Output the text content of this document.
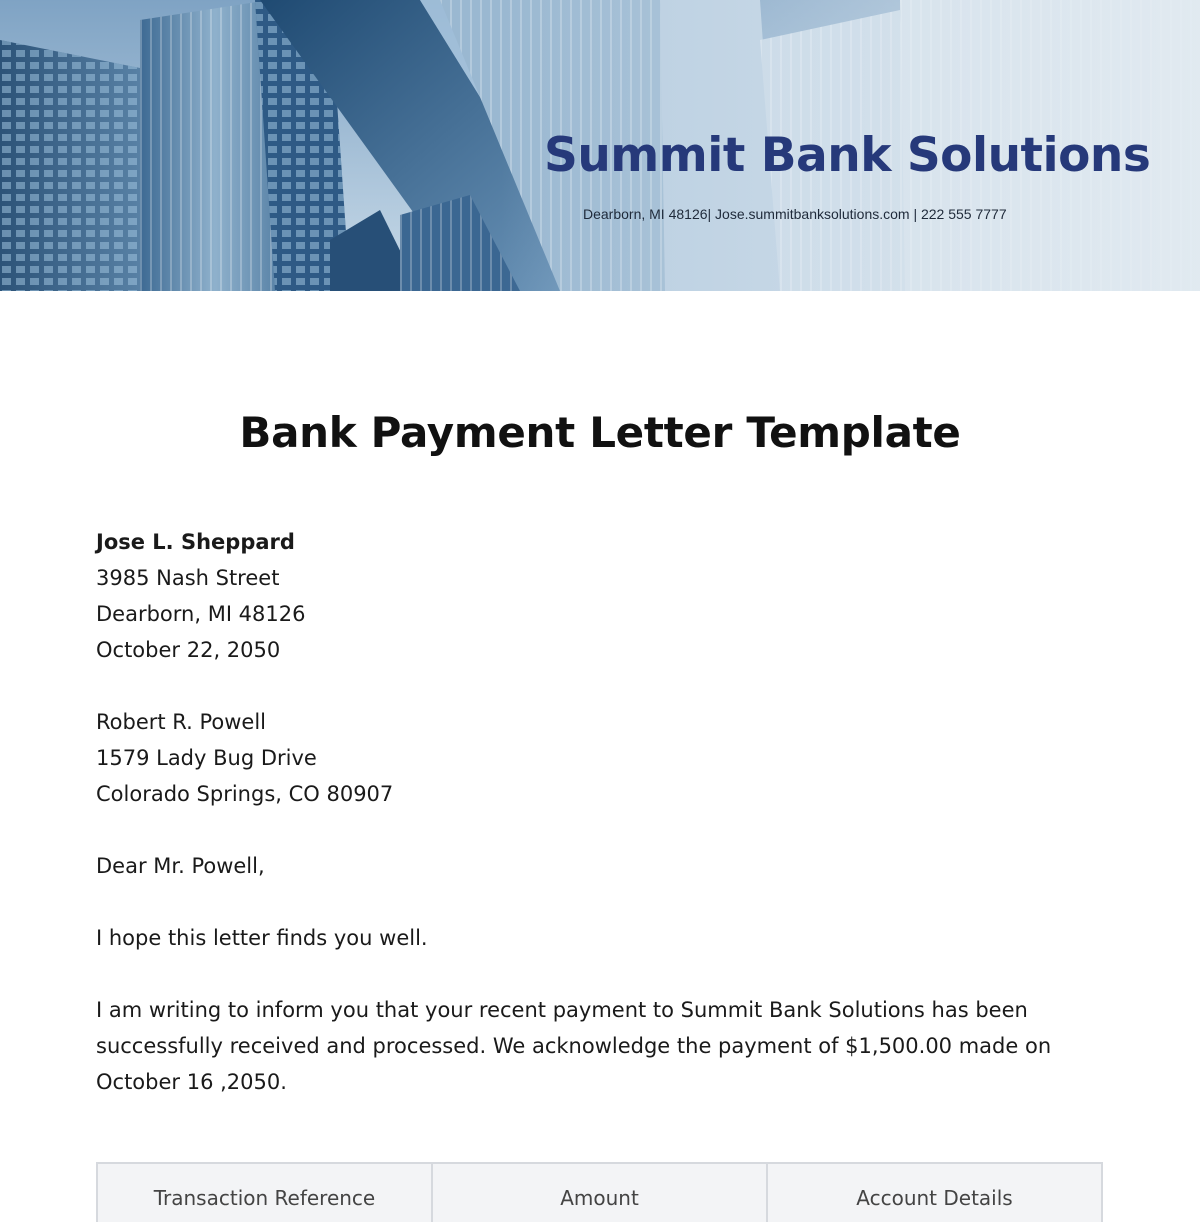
Summit Bank Solutions
Dearborn, MI 48126| Jose.summitbanksolutions.com | 222 555 7777
Bank Payment Letter Template
Jose L. Sheppard
3985 Nash Street
Dearborn, MI 48126
October 22, 2050
Robert R. Powell
1579 Lady Bug Drive
Colorado Springs, CO 80907
Dear Mr. Powell,
I hope this letter finds you well.
I am writing to inform you that your recent payment to Summit Bank Solutions has been successfully received and processed. We acknowledge the payment of $1,500.00 made on October 16 ,2050.
Transaction Reference	Amount	Account Details
